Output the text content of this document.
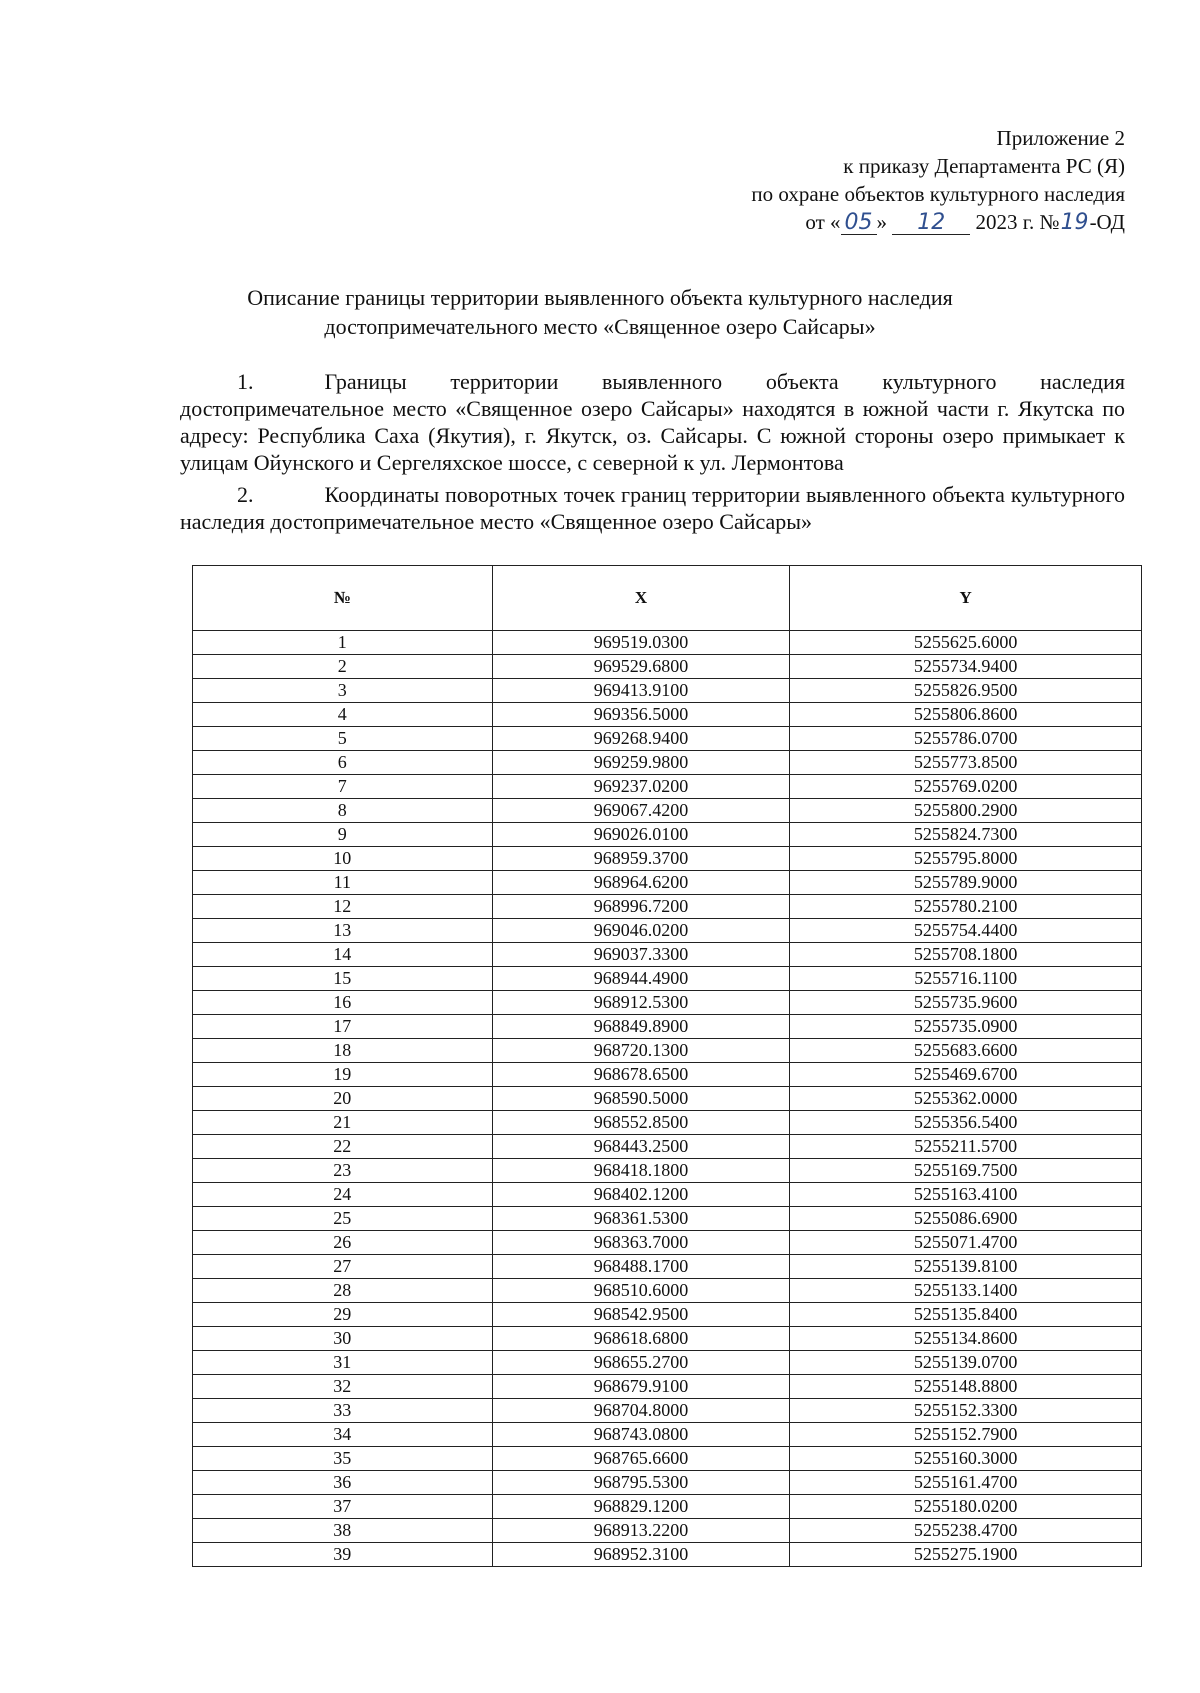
Приложение 2
к приказу Департамента РС (Я)
по охране объектов культурного наследия
от « 05 » 12 2023 г. №19-ОД
Описание границы территории выявленного объекта культурного наследия
достопримечательного место «Священное озеро Сайсары»
1.	Границы территории выявленного объекта культурного наследия достопримечательное место «Священное озеро Сайсары» находятся в южной части г. Якутска по адресу: Республика Саха (Якутия), г. Якутск, оз. Сайсары. С южной стороны озеро примыкает к улицам Ойунского и Сергеляхское шоссе, с северной к ул. Лермонтова
2.	Координаты поворотных точек границ территории выявленного объекта культурного наследия достопримечательное место «Священное озеро Сайсары»
№	X	Y
1	969519.0300	5255625.6000
2	969529.6800	5255734.9400
3	969413.9100	5255826.9500
4	969356.5000	5255806.8600
5	969268.9400	5255786.0700
6	969259.9800	5255773.8500
7	969237.0200	5255769.0200
8	969067.4200	5255800.2900
9	969026.0100	5255824.7300
10	968959.3700	5255795.8000
11	968964.6200	5255789.9000
12	968996.7200	5255780.2100
13	969046.0200	5255754.4400
14	969037.3300	5255708.1800
15	968944.4900	5255716.1100
16	968912.5300	5255735.9600
17	968849.8900	5255735.0900
18	968720.1300	5255683.6600
19	968678.6500	5255469.6700
20	968590.5000	5255362.0000
21	968552.8500	5255356.5400
22	968443.2500	5255211.5700
23	968418.1800	5255169.7500
24	968402.1200	5255163.4100
25	968361.5300	5255086.6900
26	968363.7000	5255071.4700
27	968488.1700	5255139.8100
28	968510.6000	5255133.1400
29	968542.9500	5255135.8400
30	968618.6800	5255134.8600
31	968655.2700	5255139.0700
32	968679.9100	5255148.8800
33	968704.8000	5255152.3300
34	968743.0800	5255152.7900
35	968765.6600	5255160.3000
36	968795.5300	5255161.4700
37	968829.1200	5255180.0200
38	968913.2200	5255238.4700
39	968952.3100	5255275.1900
